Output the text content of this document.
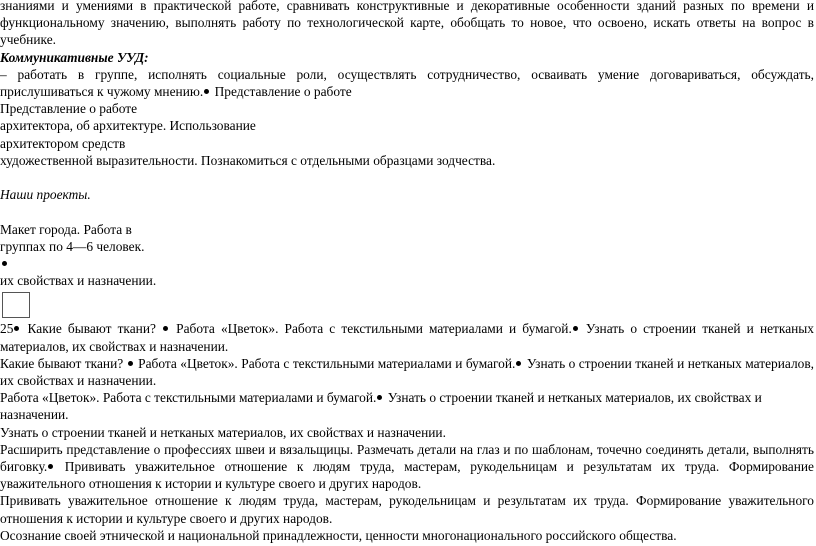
знаниями и умениями в практической работе, сравнивать конструктивные и декоративные особенности зданий разных по времени и функциональному значению, выполнять работу по технологической карте, обобщать то новое, что освоено, искать ответы на вопрос в учебнике.

Коммуникативные УУД:

– работать в группе, исполнять социальные роли, осуществлять сотрудничество, осваивать умение договариваться, обсуждать, прислушиваться к чужому мнению. Представление о работе

Представление о работе

архитектора, об архитектуре. Использование

архитектором средств

художественной выразительности. Познакомиться с отдельными образцами зодчества.

Наши проекты.

Макет города. Работа в

группах по 4—6 человек.

их свойствах и назначении.

25 Какие бывают ткани?  Работа «Цветок». Работа с текстильными материалами и бумагой. Узнать о строении тканей и нетканых материалов, их свойствах и назначении.

Какие бывают ткани?  Работа «Цветок». Работа с текстильными материалами и бумагой. Узнать о строении тканей и нетканых материалов, их свойствах и назначении.

Работа «Цветок». Работа с текстильными материалами и бумагой. Узнать о строении тканей и нетканых материалов, их свойствах и назначении.

Узнать о строении тканей и нетканых материалов, их свойствах и назначении.

Расширить представление о профессиях швеи и вязальщицы. Размечать детали на глаз и по шаблонам, точечно соединять детали, выполнять биговку. Прививать уважительное отношение к людям труда, мастерам, рукодельницам и результатам их труда. Формирование уважительного отношения к истории и культуре своего и других народов.

Прививать уважительное отношение к людям труда, мастерам, рукодельницам и результатам их труда. Формирование уважительного отношения к истории и культуре своего и других народов.

Осознание своей этнической и национальной принадлежности, ценности многонационального российского общества.
